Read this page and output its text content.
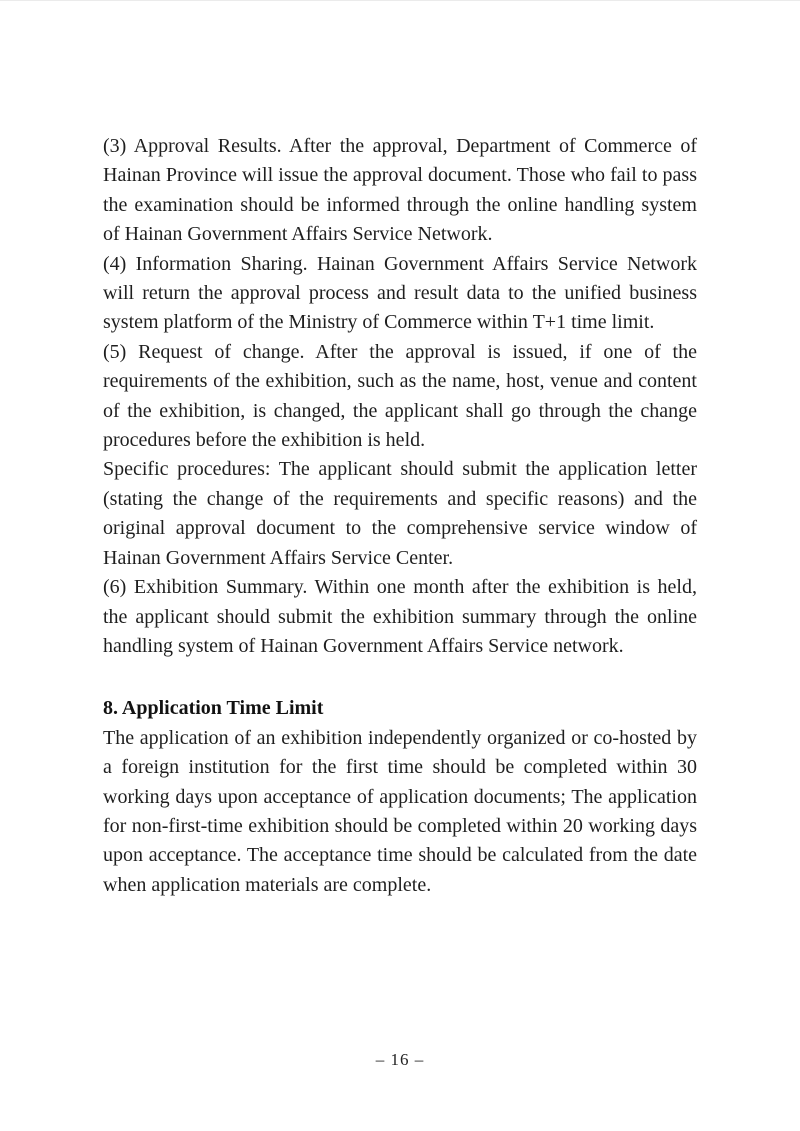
(3) Approval Results. After the approval, Department of Commerce of Hainan Province will issue the approval document. Those who fail to pass the examination should be informed through the online handling system of Hainan Government Affairs Service Network.

(4) Information Sharing. Hainan Government Affairs Service Network will return the approval process and result data to the unified business system platform of the Ministry of Commerce within T+1 time limit.

(5) Request of change. After the approval is issued, if one of the requirements of the exhibition, such as the name, host, venue and content of the exhibition, is changed, the applicant shall go through the change procedures before the exhibition is held.

Specific procedures: The applicant should submit the application letter (stating the change of the requirements and specific reasons) and the original approval document to the comprehensive service window of Hainan Government Affairs Service Center.

(6) Exhibition Summary. Within one month after the exhibition is held, the applicant should submit the exhibition summary through the online handling system of Hainan Government Affairs Service network.

8. Application Time Limit

The application of an exhibition independently organized or co-hosted by a foreign institution for the first time should be completed within 30 working days upon acceptance of application documents; The application for non-first-time exhibition should be completed within 20 working days upon acceptance. The acceptance time should be calculated from the date when application materials are complete.

– 16 –
